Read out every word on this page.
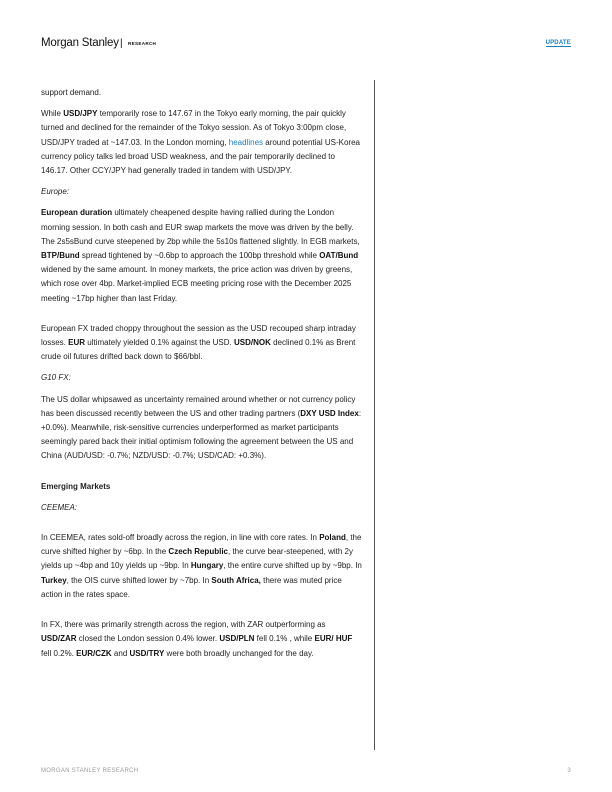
Morgan Stanley | RESEARCH	UPDATE

support demand.

While USD/JPY temporarily rose to 147.67 in the Tokyo early morning, the pair quickly turned and declined for the remainder of the Tokyo session. As of Tokyo 3:00pm close, USD/JPY traded at ~147.03. In the London morning, headlines around potential US-Korea currency policy talks led broad USD weakness, and the pair temporarily declined to 146.17. Other CCY/JPY had generally traded in tandem with USD/JPY.

Europe:

European duration ultimately cheapened despite having rallied during the London morning session. In both cash and EUR swap markets the move was driven by the belly. The 2s5sBund curve steepened by 2bp while the 5s10s flattened slightly. In EGB markets, BTP/Bund spread tightened by ~0.6bp to approach the 100bp threshold while OAT/Bund widened by the same amount. In money markets, the price action was driven by greens, which rose over 4bp. Market-implied ECB meeting pricing rose with the December 2025 meeting ~17bp higher than last Friday.

European FX traded choppy throughout the session as the USD recouped sharp intraday losses. EUR ultimately yielded 0.1% against the USD. USD/NOK declined 0.1% as Brent crude oil futures drifted back down to $66/bbl.

G10 FX:

The US dollar whipsawed as uncertainty remained around whether or not currency policy has been discussed recently between the US and other trading partners (DXY USD Index: +0.0%). Meanwhile, risk-sensitive currencies underperformed as market participants seemingly pared back their initial optimism following the agreement between the US and China (AUD/USD: -0.7%; NZD/USD: -0.7%; USD/CAD: +0.3%).

Emerging Markets

CEEMEA:

In CEEMEA, rates sold-off broadly across the region, in line with core rates. In Poland, the curve shifted higher by ~6bp. In the Czech Republic, the curve bear-steepened, with 2y yields up ~4bp and 10y yields up ~9bp. In Hungary, the entire curve shifted up by ~9bp. In Turkey, the OIS curve shifted lower by ~7bp. In South Africa, there was muted price action in the rates space.

In FX, there was primarily strength across the region, with ZAR outperforming as USD/ZAR closed the London session 0.4% lower. USD/PLN fell 0.1% , while EUR/ HUF fell 0.2%. EUR/CZK and USD/TRY were both broadly unchanged for the day.

MORGAN STANLEY RESEARCH	3
